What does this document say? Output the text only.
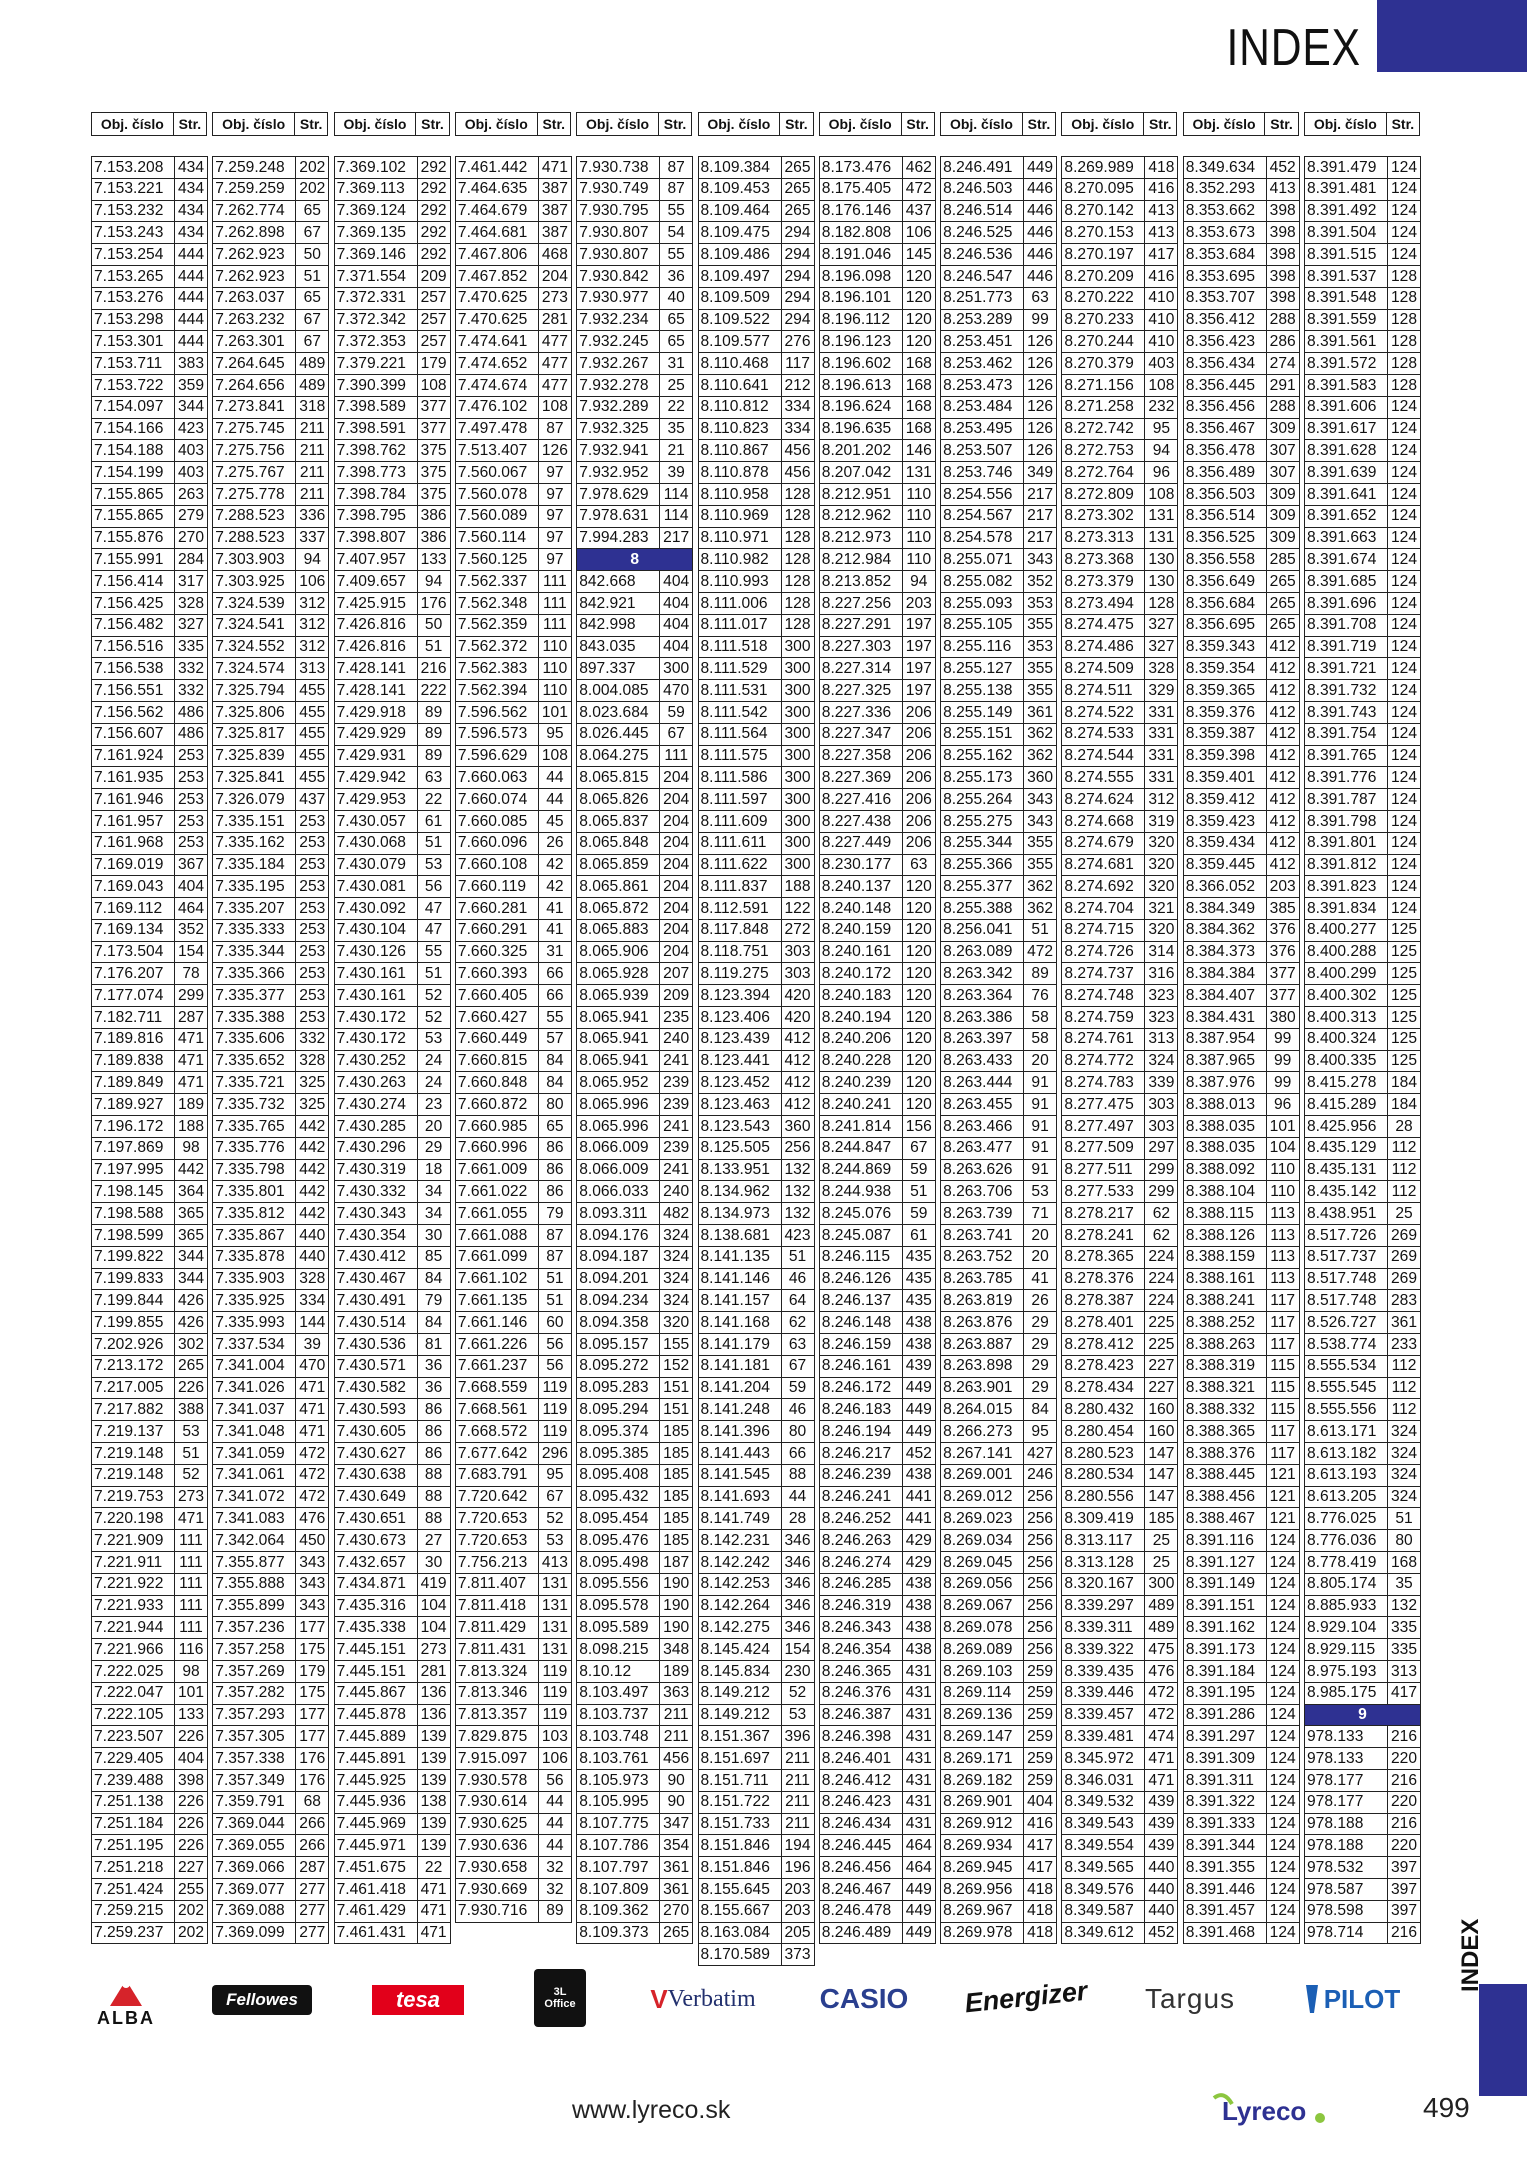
INDEX
Obj. číslo	Str.
7.153.208	434
7.153.221	434
7.153.232	434
7.153.243	434
7.153.254	444
7.153.265	444
7.153.276	444
7.153.298	444
7.153.301	444
7.153.711	383
7.153.722	359
7.154.097	344
7.154.166	423
7.154.188	403
7.154.199	403
7.155.865	263
7.155.865	279
7.155.876	270
7.155.991	284
7.156.414	317
7.156.425	328
7.156.482	327
7.156.516	335
7.156.538	332
7.156.551	332
7.156.562	486
7.156.607	486
7.161.924	253
7.161.935	253
7.161.946	253
7.161.957	253
7.161.968	253
7.169.019	367
7.169.043	404
7.169.112	464
7.169.134	352
7.173.504	154
7.176.207	78
7.177.074	299
7.182.711	287
7.189.816	471
7.189.838	471
7.189.849	471
7.189.927	189
7.196.172	188
7.197.869	98
7.197.995	442
7.198.145	364
7.198.588	365
7.198.599	365
7.199.822	344
7.199.833	344
7.199.844	426
7.199.855	426
7.202.926	302
7.213.172	265
7.217.005	226
7.217.882	388
7.219.137	53
7.219.148	51
7.219.148	52
7.219.753	273
7.220.198	471
7.221.909	111
7.221.911	111
7.221.922	111
7.221.933	111
7.221.944	111
7.221.966	116
7.222.025	98
7.222.047	101
7.222.105	133
7.223.507	226
7.229.405	404
7.239.488	398
7.251.138	226
7.251.184	226
7.251.195	226
7.251.218	227
7.251.424	255
7.259.215	202
7.259.237	202
Obj. číslo	Str.
7.259.248	202
7.259.259	202
7.262.774	65
7.262.898	67
7.262.923	50
7.262.923	51
7.263.037	65
7.263.232	67
7.263.301	67
7.264.645	489
7.264.656	489
7.273.841	318
7.275.745	211
7.275.756	211
7.275.767	211
7.275.778	211
7.288.523	336
7.288.523	337
7.303.903	94
7.303.925	106
7.324.539	312
7.324.541	312
7.324.552	312
7.324.574	313
7.325.794	455
7.325.806	455
7.325.817	455
7.325.839	455
7.325.841	455
7.326.079	437
7.335.151	253
7.335.162	253
7.335.184	253
7.335.195	253
7.335.207	253
7.335.333	253
7.335.344	253
7.335.366	253
7.335.377	253
7.335.388	253
7.335.606	332
7.335.652	328
7.335.721	325
7.335.732	325
7.335.765	442
7.335.776	442
7.335.798	442
7.335.801	442
7.335.812	442
7.335.867	440
7.335.878	440
7.335.903	328
7.335.925	334
7.335.993	144
7.337.534	39
7.341.004	470
7.341.026	471
7.341.037	471
7.341.048	471
7.341.059	472
7.341.061	472
7.341.072	472
7.341.083	476
7.342.064	450
7.355.877	343
7.355.888	343
7.355.899	343
7.357.236	177
7.357.258	175
7.357.269	179
7.357.282	175
7.357.293	177
7.357.305	177
7.357.338	176
7.357.349	176
7.359.791	68
7.369.044	266
7.369.055	266
7.369.066	287
7.369.077	277
7.369.088	277
7.369.099	277
Obj. číslo	Str.
7.369.102	292
7.369.113	292
7.369.124	292
7.369.135	292
7.369.146	292
7.371.554	209
7.372.331	257
7.372.342	257
7.372.353	257
7.379.221	179
7.390.399	108
7.398.589	377
7.398.591	377
7.398.762	375
7.398.773	375
7.398.784	375
7.398.795	386
7.398.807	386
7.407.957	133
7.409.657	94
7.425.915	176
7.426.816	50
7.426.816	51
7.428.141	216
7.428.141	222
7.429.918	89
7.429.929	89
7.429.931	89
7.429.942	63
7.429.953	22
7.430.057	61
7.430.068	51
7.430.079	53
7.430.081	56
7.430.092	47
7.430.104	47
7.430.126	55
7.430.161	51
7.430.161	52
7.430.172	52
7.430.172	53
7.430.252	24
7.430.263	24
7.430.274	23
7.430.285	20
7.430.296	29
7.430.319	18
7.430.332	34
7.430.343	34
7.430.354	30
7.430.412	85
7.430.467	84
7.430.491	79
7.430.514	84
7.430.536	81
7.430.571	36
7.430.582	36
7.430.593	86
7.430.605	86
7.430.627	86
7.430.638	88
7.430.649	88
7.430.651	88
7.430.673	27
7.432.657	30
7.434.871	419
7.435.316	104
7.435.338	104
7.445.151	273
7.445.151	281
7.445.867	136
7.445.878	136
7.445.889	139
7.445.891	139
7.445.925	139
7.445.936	138
7.445.969	139
7.445.971	139
7.451.675	22
7.461.418	471
7.461.429	471
7.461.431	471
Obj. číslo	Str.
7.461.442	471
7.464.635	387
7.464.679	387
7.464.681	387
7.467.806	468
7.467.852	204
7.470.625	273
7.470.625	281
7.474.641	477
7.474.652	477
7.474.674	477
7.476.102	108
7.497.478	87
7.513.407	126
7.560.067	97
7.560.078	97
7.560.089	97
7.560.114	97
7.560.125	97
7.562.337	111
7.562.348	111
7.562.359	111
7.562.372	110
7.562.383	110
7.562.394	110
7.596.562	101
7.596.573	95
7.596.629	108
7.660.063	44
7.660.074	44
7.660.085	45
7.660.096	26
7.660.108	42
7.660.119	42
7.660.281	41
7.660.291	41
7.660.325	31
7.660.393	66
7.660.405	66
7.660.427	55
7.660.449	57
7.660.815	84
7.660.848	84
7.660.872	80
7.660.985	65
7.660.996	86
7.661.009	86
7.661.022	86
7.661.055	79
7.661.088	87
7.661.099	87
7.661.102	51
7.661.135	51
7.661.146	60
7.661.226	56
7.661.237	56
7.668.559	119
7.668.561	119
7.668.572	119
7.677.642	296
7.683.791	95
7.720.642	67
7.720.653	52
7.720.653	53
7.756.213	413
7.811.407	131
7.811.418	131
7.811.429	131
7.811.431	131
7.813.324	119
7.813.346	119
7.813.357	119
7.829.875	103
7.915.097	106
7.930.578	56
7.930.614	44
7.930.625	44
7.930.636	44
7.930.658	32
7.930.669	32
7.930.716	89
Obj. číslo	Str.
7.930.738	87
7.930.749	87
7.930.795	55
7.930.807	54
7.930.807	55
7.930.842	36
7.930.977	40
7.932.234	65
7.932.245	65
7.932.267	31
7.932.278	25
7.932.289	22
7.932.325	35
7.932.941	21
7.932.952	39
7.978.629	114
7.978.631	114
7.994.283	217
8	
842.668	404
842.921	404
842.998	404
843.035	404
897.337	300
8.004.085	470
8.023.684	59
8.026.445	67
8.064.275	111
8.065.815	204
8.065.826	204
8.065.837	204
8.065.848	204
8.065.859	204
8.065.861	204
8.065.872	204
8.065.883	204
8.065.906	204
8.065.928	207
8.065.939	209
8.065.941	235
8.065.941	240
8.065.941	241
8.065.952	239
8.065.996	239
8.065.996	241
8.066.009	239
8.066.009	241
8.066.033	240
8.093.311	482
8.094.176	324
8.094.187	324
8.094.201	324
8.094.234	324
8.094.358	320
8.095.157	155
8.095.272	152
8.095.283	151
8.095.294	151
8.095.374	185
8.095.385	185
8.095.408	185
8.095.432	185
8.095.454	185
8.095.476	185
8.095.498	187
8.095.556	190
8.095.578	190
8.095.589	190
8.098.215	348
8.10.12	189
8.103.497	363
8.103.737	211
8.103.748	211
8.103.761	456
8.105.973	90
8.105.995	90
8.107.775	347
8.107.786	354
8.107.797	361
8.107.809	361
8.109.362	270
8.109.373	265
Obj. číslo	Str.
8.109.384	265
8.109.453	265
8.109.464	265
8.109.475	294
8.109.486	294
8.109.497	294
8.109.509	294
8.109.522	294
8.109.577	276
8.110.468	117
8.110.641	212
8.110.812	334
8.110.823	334
8.110.867	456
8.110.878	456
8.110.958	128
8.110.969	128
8.110.971	128
8.110.982	128
8.110.993	128
8.111.006	128
8.111.017	128
8.111.518	300
8.111.529	300
8.111.531	300
8.111.542	300
8.111.564	300
8.111.575	300
8.111.586	300
8.111.597	300
8.111.609	300
8.111.611	300
8.111.622	300
8.111.837	188
8.112.591	122
8.117.848	272
8.118.751	303
8.119.275	303
8.123.394	420
8.123.406	420
8.123.439	412
8.123.441	412
8.123.452	412
8.123.463	412
8.123.543	360
8.125.505	256
8.133.951	132
8.134.962	132
8.134.973	132
8.138.681	423
8.141.135	51
8.141.146	46
8.141.157	64
8.141.168	62
8.141.179	63
8.141.181	67
8.141.204	59
8.141.248	46
8.141.396	80
8.141.443	66
8.141.545	88
8.141.693	44
8.141.749	28
8.142.231	346
8.142.242	346
8.142.253	346
8.142.264	346
8.142.275	346
8.145.424	154
8.145.834	230
8.149.212	52
8.149.212	53
8.151.367	396
8.151.697	211
8.151.711	211
8.151.722	211
8.151.733	211
8.151.846	194
8.151.846	196
8.155.645	203
8.155.667	203
8.163.084	205
8.170.589	373
Obj. číslo	Str.
8.173.476	462
8.175.405	472
8.176.146	437
8.182.808	106
8.191.046	145
8.196.098	120
8.196.101	120
8.196.112	120
8.196.123	120
8.196.602	168
8.196.613	168
8.196.624	168
8.196.635	168
8.201.202	146
8.207.042	131
8.212.951	110
8.212.962	110
8.212.973	110
8.212.984	110
8.213.852	94
8.227.256	203
8.227.291	197
8.227.303	197
8.227.314	197
8.227.325	197
8.227.336	206
8.227.347	206
8.227.358	206
8.227.369	206
8.227.416	206
8.227.438	206
8.227.449	206
8.230.177	63
8.240.137	120
8.240.148	120
8.240.159	120
8.240.161	120
8.240.172	120
8.240.183	120
8.240.194	120
8.240.206	120
8.240.228	120
8.240.239	120
8.240.241	120
8.241.814	156
8.244.847	67
8.244.869	59
8.244.938	51
8.245.076	59
8.245.087	61
8.246.115	435
8.246.126	435
8.246.137	435
8.246.148	438
8.246.159	438
8.246.161	439
8.246.172	449
8.246.183	449
8.246.194	449
8.246.217	452
8.246.239	438
8.246.241	441
8.246.252	441
8.246.263	429
8.246.274	429
8.246.285	438
8.246.319	438
8.246.343	438
8.246.354	438
8.246.365	431
8.246.376	431
8.246.387	431
8.246.398	431
8.246.401	431
8.246.412	431
8.246.423	431
8.246.434	431
8.246.445	464
8.246.456	464
8.246.467	449
8.246.478	449
8.246.489	449
Obj. číslo	Str.
8.246.491	449
8.246.503	446
8.246.514	446
8.246.525	446
8.246.536	446
8.246.547	446
8.251.773	63
8.253.289	99
8.253.451	126
8.253.462	126
8.253.473	126
8.253.484	126
8.253.495	126
8.253.507	126
8.253.746	349
8.254.556	217
8.254.567	217
8.254.578	217
8.255.071	343
8.255.082	352
8.255.093	353
8.255.105	355
8.255.116	353
8.255.127	355
8.255.138	355
8.255.149	361
8.255.151	362
8.255.162	362
8.255.173	360
8.255.264	343
8.255.275	343
8.255.344	355
8.255.366	355
8.255.377	362
8.255.388	362
8.256.041	51
8.263.089	472
8.263.342	89
8.263.364	76
8.263.386	58
8.263.397	58
8.263.433	20
8.263.444	91
8.263.455	91
8.263.466	91
8.263.477	91
8.263.626	91
8.263.706	53
8.263.739	71
8.263.741	20
8.263.752	20
8.263.785	41
8.263.819	26
8.263.876	29
8.263.887	29
8.263.898	29
8.263.901	29
8.264.015	84
8.266.273	95
8.267.141	427
8.269.001	246
8.269.012	256
8.269.023	256
8.269.034	256
8.269.045	256
8.269.056	256
8.269.067	256
8.269.078	256
8.269.089	256
8.269.103	259
8.269.114	259
8.269.136	259
8.269.147	259
8.269.171	259
8.269.182	259
8.269.901	404
8.269.912	416
8.269.934	417
8.269.945	417
8.269.956	418
8.269.967	418
8.269.978	418
Obj. číslo	Str.
8.269.989	418
8.270.095	416
8.270.142	413
8.270.153	413
8.270.197	417
8.270.209	416
8.270.222	410
8.270.233	410
8.270.244	410
8.270.379	403
8.271.156	108
8.271.258	232
8.272.742	95
8.272.753	94
8.272.764	96
8.272.809	108
8.273.302	131
8.273.313	131
8.273.368	130
8.273.379	130
8.273.494	128
8.274.475	327
8.274.486	327
8.274.509	328
8.274.511	329
8.274.522	331
8.274.533	331
8.274.544	331
8.274.555	331
8.274.624	312
8.274.668	319
8.274.679	320
8.274.681	320
8.274.692	320
8.274.704	321
8.274.715	320
8.274.726	314
8.274.737	316
8.274.748	323
8.274.759	323
8.274.761	313
8.274.772	324
8.274.783	339
8.277.475	303
8.277.497	303
8.277.509	297
8.277.511	299
8.277.533	299
8.278.217	62
8.278.241	62
8.278.365	224
8.278.376	224
8.278.387	224
8.278.401	225
8.278.412	225
8.278.423	227
8.278.434	227
8.280.432	160
8.280.454	160
8.280.523	147
8.280.534	147
8.280.556	147
8.309.419	185
8.313.117	25
8.313.128	25
8.320.167	300
8.339.297	489
8.339.311	489
8.339.322	475
8.339.435	476
8.339.446	472
8.339.457	472
8.339.481	474
8.345.972	471
8.346.031	471
8.349.532	439
8.349.543	439
8.349.554	439
8.349.565	440
8.349.576	440
8.349.587	440
8.349.612	452
Obj. číslo	Str.
8.349.634	452
8.352.293	413
8.353.662	398
8.353.673	398
8.353.684	398
8.353.695	398
8.353.707	398
8.356.412	288
8.356.423	286
8.356.434	274
8.356.445	291
8.356.456	288
8.356.467	309
8.356.478	307
8.356.489	307
8.356.503	309
8.356.514	309
8.356.525	309
8.356.558	285
8.356.649	265
8.356.684	265
8.356.695	265
8.359.343	412
8.359.354	412
8.359.365	412
8.359.376	412
8.359.387	412
8.359.398	412
8.359.401	412
8.359.412	412
8.359.423	412
8.359.434	412
8.359.445	412
8.366.052	203
8.384.349	385
8.384.362	376
8.384.373	376
8.384.384	377
8.384.407	377
8.384.431	380
8.387.954	99
8.387.965	99
8.387.976	99
8.388.013	96
8.388.035	101
8.388.035	104
8.388.092	110
8.388.104	110
8.388.115	113
8.388.126	113
8.388.159	113
8.388.161	113
8.388.241	117
8.388.252	117
8.388.263	117
8.388.319	115
8.388.321	115
8.388.332	115
8.388.365	117
8.388.376	117
8.388.445	121
8.388.456	121
8.388.467	121
8.391.116	124
8.391.127	124
8.391.149	124
8.391.151	124
8.391.162	124
8.391.173	124
8.391.184	124
8.391.195	124
8.391.286	124
8.391.297	124
8.391.309	124
8.391.311	124
8.391.322	124
8.391.333	124
8.391.344	124
8.391.355	124
8.391.446	124
8.391.457	124
8.391.468	124
Obj. číslo	Str.
8.391.479	124
8.391.481	124
8.391.492	124
8.391.504	124
8.391.515	124
8.391.537	128
8.391.548	128
8.391.559	128
8.391.561	128
8.391.572	128
8.391.583	128
8.391.606	124
8.391.617	124
8.391.628	124
8.391.639	124
8.391.641	124
8.391.652	124
8.391.663	124
8.391.674	124
8.391.685	124
8.391.696	124
8.391.708	124
8.391.719	124
8.391.721	124
8.391.732	124
8.391.743	124
8.391.754	124
8.391.765	124
8.391.776	124
8.391.787	124
8.391.798	124
8.391.801	124
8.391.812	124
8.391.823	124
8.391.834	124
8.400.277	125
8.400.288	125
8.400.299	125
8.400.302	125
8.400.313	125
8.400.324	125
8.400.335	125
8.415.278	184
8.415.289	184
8.425.956	28
8.435.129	112
8.435.131	112
8.435.142	112
8.438.951	25
8.517.726	269
8.517.737	269
8.517.748	269
8.517.748	283
8.526.727	361
8.538.774	233
8.555.534	112
8.555.545	112
8.555.556	112
8.613.171	324
8.613.182	324
8.613.193	324
8.613.205	324
8.776.025	51
8.776.036	80
8.778.419	168
8.805.174	35
8.885.933	132
8.929.104	335
8.929.115	335
8.975.193	313
8.985.175	417
9	
978.133	216
978.133	220
978.177	216
978.177	220
978.188	216
978.188	220
978.532	397
978.587	397
978.598	397
978.714	216 INDEX
ALBA
Fellowes	tesa	3L Office	V Verbatim CASIO Energizer Targus	PILOT
www.lyreco.sk	Lyreco	499
